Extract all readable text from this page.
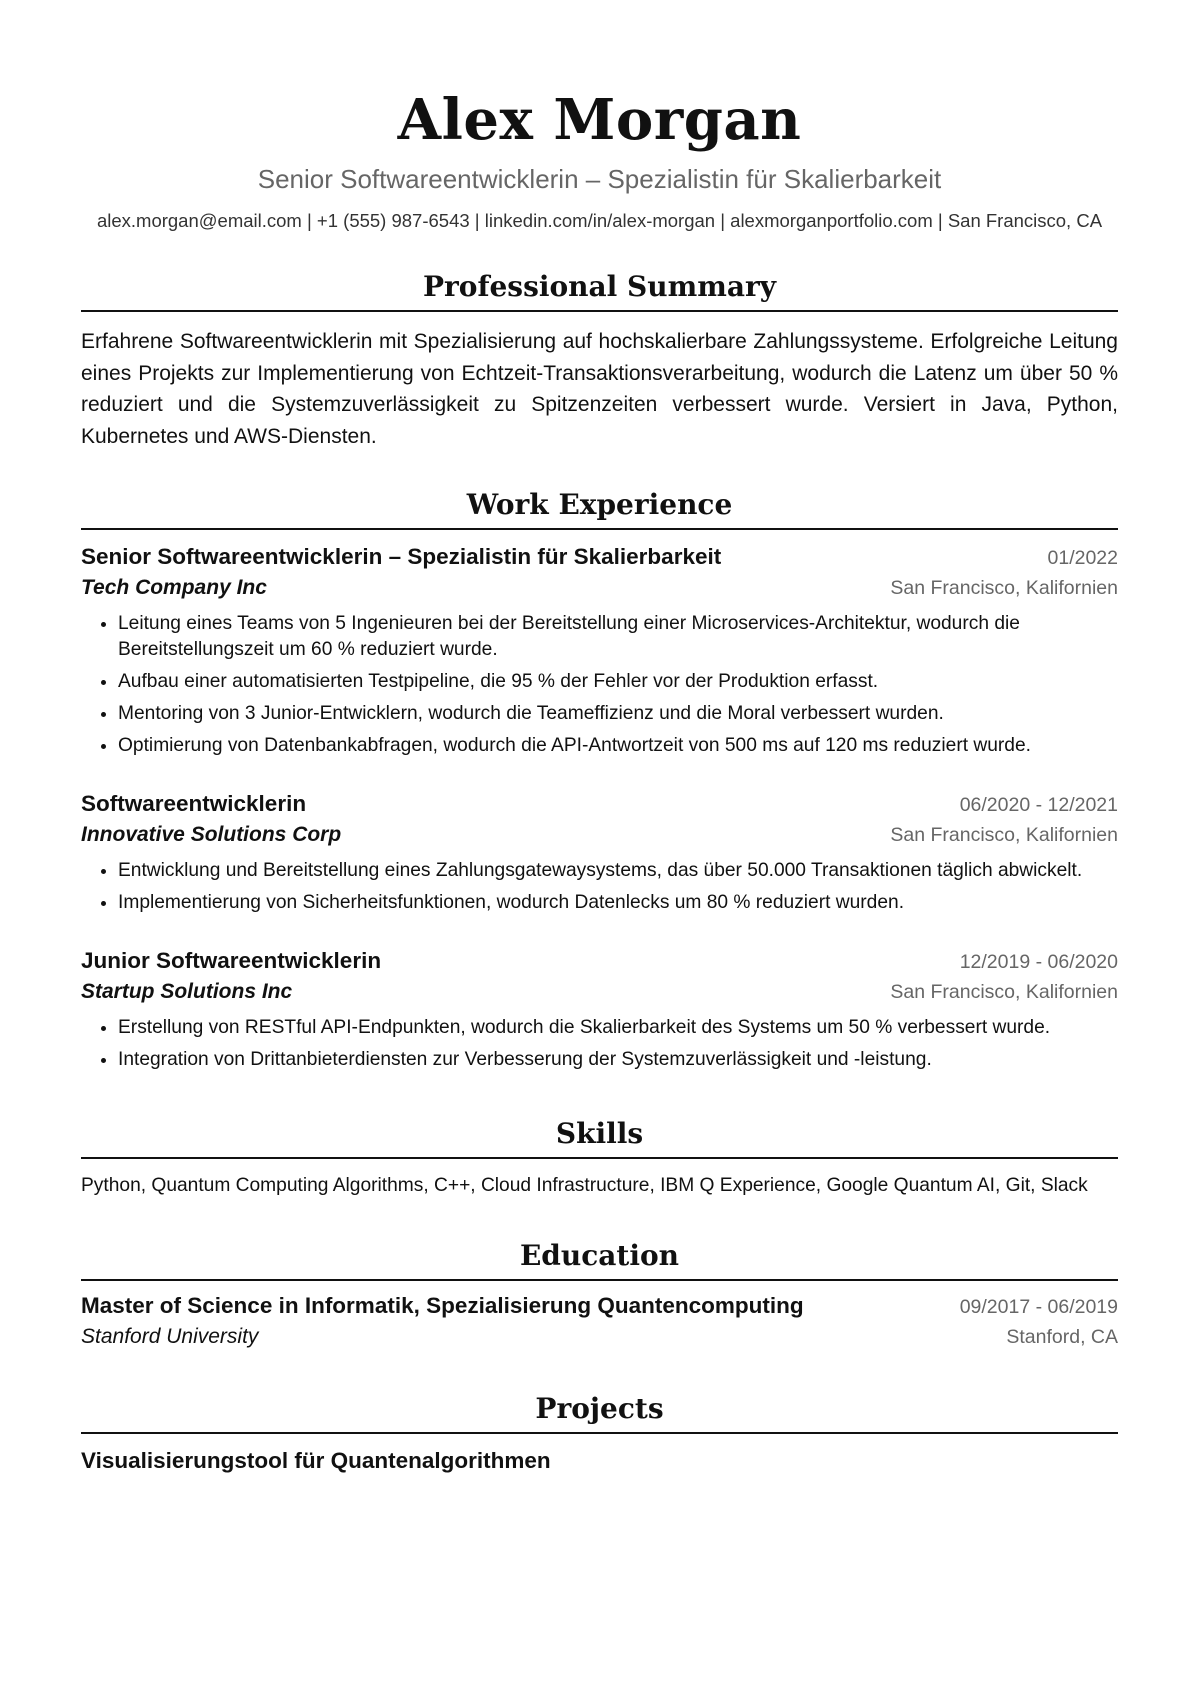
Alex Morgan
Senior Softwareentwicklerin – Spezialistin für Skalierbarkeit
alex.morgan@email.com | +1 (555) 987-6543 | linkedin.com/in/alex-morgan | alexmorganportfolio.com | San Francisco, CA
Professional Summary
Erfahrene Softwareentwicklerin mit Spezialisierung auf hochskalierbare Zahlungssysteme. Erfolgreiche Leitung eines Projekts zur Implementierung von Echtzeit-Transaktionsverarbeitung, wodurch die Latenz um über 50 % reduziert und die Systemzuverlässigkeit zu Spitzenzeiten verbessert wurde. Versiert in Java, Python, Kubernetes und AWS-Diensten.
Work Experience
Senior Softwareentwicklerin – Spezialistin für Skalierbarkeit	01/2022
Tech Company Inc	San Francisco, Kalifornien
• Leitung eines Teams von 5 Ingenieuren bei der Bereitstellung einer Microservices-Architektur, wodurch die Bereitstellungszeit um 60 % reduziert wurde.
• Aufbau einer automatisierten Testpipeline, die 95 % der Fehler vor der Produktion erfasst.
• Mentoring von 3 Junior-Entwicklern, wodurch die Teameffizienz und die Moral verbessert wurden.
• Optimierung von Datenbankabfragen, wodurch die API-Antwortzeit von 500 ms auf 120 ms reduziert wurde.
Softwareentwicklerin	06/2020 - 12/2021
Innovative Solutions Corp	San Francisco, Kalifornien
• Entwicklung und Bereitstellung eines Zahlungsgatewaysystems, das über 50.000 Transaktionen täglich abwickelt.
• Implementierung von Sicherheitsfunktionen, wodurch Datenlecks um 80 % reduziert wurden.
Junior Softwareentwicklerin	12/2019 - 06/2020
Startup Solutions Inc	San Francisco, Kalifornien
• Erstellung von RESTful API-Endpunkten, wodurch die Skalierbarkeit des Systems um 50 % verbessert wurde.
• Integration von Drittanbieterdiensten zur Verbesserung der Systemzuverlässigkeit und -leistung.
Skills
Python, Quantum Computing Algorithms, C++, Cloud Infrastructure, IBM Q Experience, Google Quantum AI, Git, Slack
Education
Master of Science in Informatik, Spezialisierung Quantencomputing	09/2017 - 06/2019
Stanford University	Stanford, CA
Projects
Visualisierungstool für Quantenalgorithmen
